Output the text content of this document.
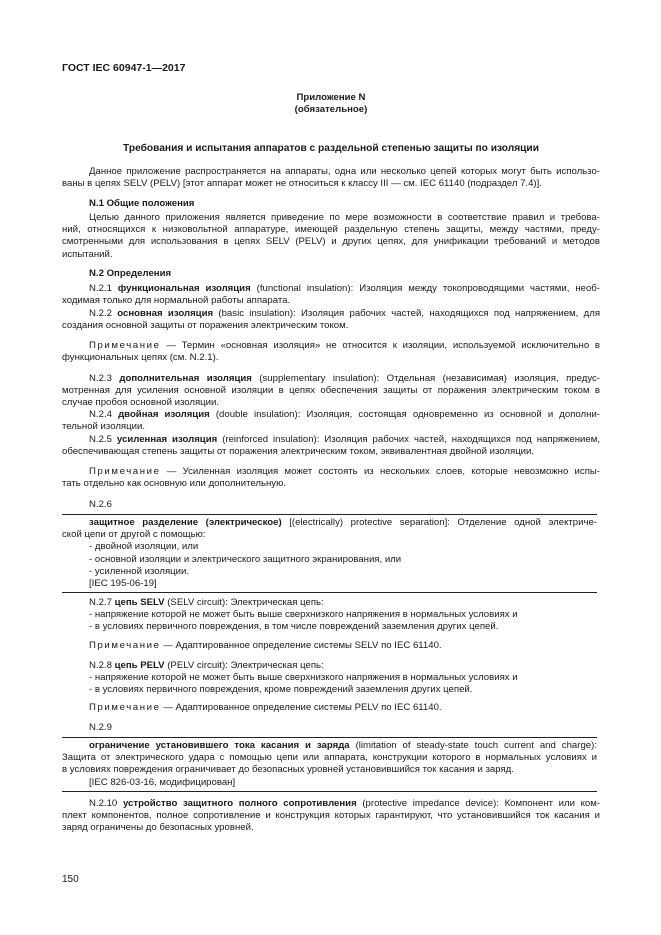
ГОСТ IEC 60947-1—2017
Приложение N
(обязательное)
Требования и испытания аппаратов с раздельной степенью защиты по изоляции
Данное приложение распространяется на аппараты, одна или несколько цепей которых могут быть использо-
ваны в цепях SELV (PELV) [этот аппарат может не относиться к классу III — см. IEC 61140 (подраздел 7.4)].
N.1 Общие положения
Целью данного приложения является приведение по мере возможности в соответствие правил и требова-
ний, относящихся к низковольтной аппаратуре, имеющей раздельную степень защиты, между частями, преду-
смотренными для использования в цепях SELV (PELV) и других цепях, для унификации требований и методов
испытаний.
N.2 Определения
N.2.1 функциональная изоляция (functional insulation): Изоляция между токопроводящими частями, необ-
ходимая только для нормальной работы аппарата.
N.2.2 основная изоляция (basic insulation): Изоляция рабочих частей, находящихся под напряжением, для
создания основной защиты от поражения электрическим током.
Примечание — Термин «основная изоляция» не относится к изоляции, используемой исключительно в
функциональных цепях (см. N.2.1).
N.2.3 дополнительная изоляция (supplementary insulation): Отдельная (независимая) изоляция, предус-
мотренная для усиления основной изоляции в цепях обеспечения защиты от поражения электрическим током в
случае пробоя основной изоляции.
N.2.4 двойная изоляция (double insulation): Изоляция, состоящая одновременно из основной и дополни-
тельной изоляции.
N.2.5 усиленная изоляция (reinforced insulation): Изоляция рабочих частей, находящихся под напряжением,
обеспечивающая степень защиты от поражения электрическим током, эквивалентная двойной изоляции.
Примечание — Усиленная изоляция может состоять из нескольких слоев, которые невозможно испы-
тать отдельно как основную или дополнительную.
N.2.6
защитное разделение (электрическое) [(electrically) protective separation]: Отделение одной электриче-
ской цепи от другой с помощью:
- двойной изоляции, или
- основной изоляции и электрического защитного экранирования, или
- усиленной изоляции.
[IEC 195-06-19]
N.2.7 цепь SELV (SELV circuit): Электрическая цепь:
- напряжение которой не может быть выше сверхнизкого напряжения в нормальных условиях и
- в условиях первичного повреждения, в том числе повреждений заземления других цепей.
Примечание — Адаптированное определение системы SELV по IEC 61140.
N.2.8 цепь PELV (PELV circuit): Электрическая цепь:
- напряжение которой не может быть выше сверхнизкого напряжения в нормальных условиях и
- в условиях первичного повреждения, кроме повреждений заземления других цепей.
Примечание — Адаптированное определение системы PELV по IEC 61140.
N.2.9
ограничение установившего тока касания и заряда (limitation of steady-state touch current and charge):
Защита от электрического удара с помощью цепи или аппарата, конструкции которого в нормальных условиях и
в условиях повреждения ограничивает до безопасных уровней установившийся ток касания и заряд.
[IEC 826-03-16, модифицирован]
N.2.10 устройство защитного полного сопротивления (protective impedance device): Компонент или ком-
плект компонентов, полное сопротивление и конструкция которых гарантируют, что установившийся ток касания и
заряд ограничены до безопасных уровней.
150
